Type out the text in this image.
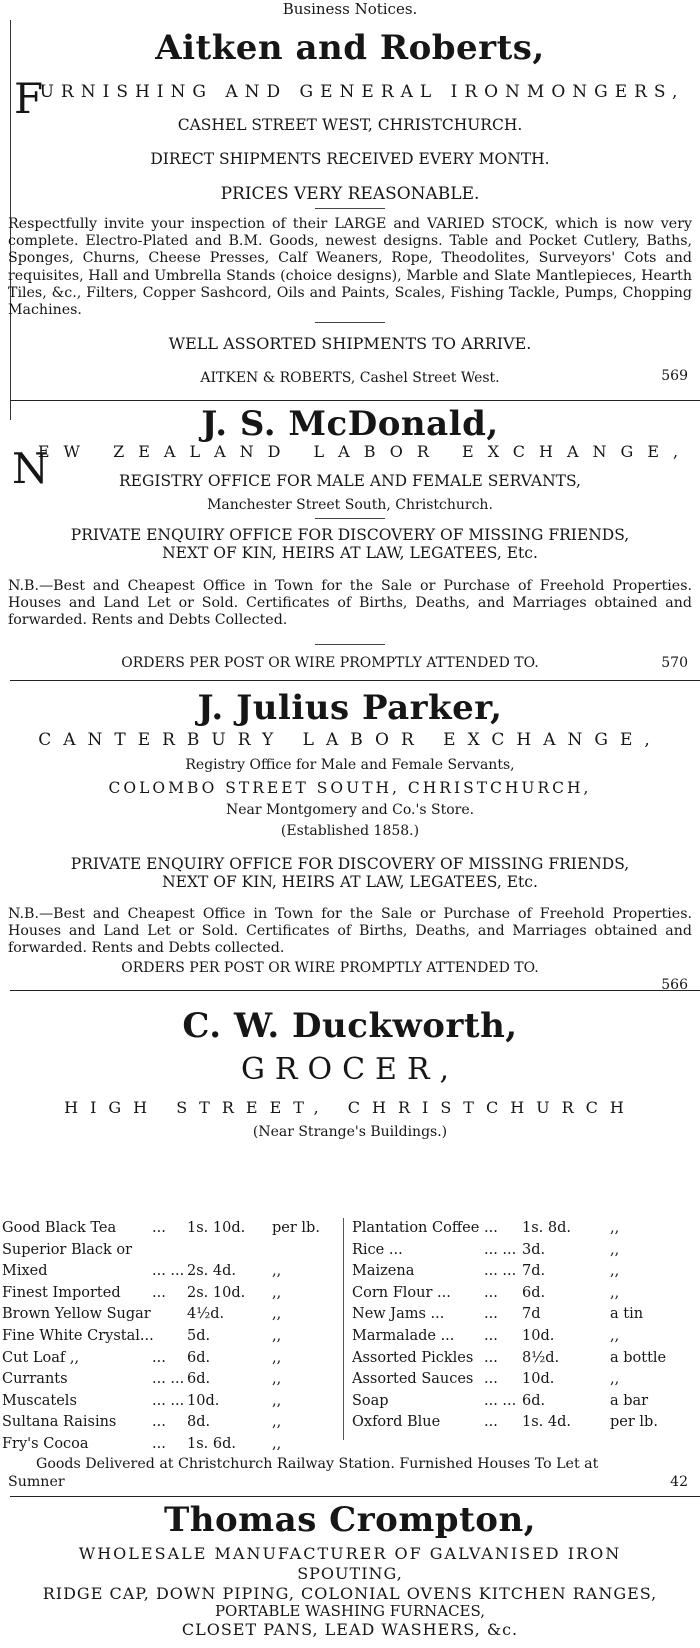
Business Notices.
Aitken and Roberts,
F
URNISHING AND GENERAL IRONMONGERS,
CASHEL STREET WEST, CHRISTCHURCH.
DIRECT SHIPMENTS RECEIVED EVERY MONTH.
PRICES VERY REASONABLE.
Respectfully invite your inspection of their LARGE and VARIED STOCK, which is now very complete. Electro-Plated and B.M. Goods, newest designs. Table and Pocket Cutlery, Baths, Sponges, Churns, Cheese Presses, Calf Weaners, Rope, Theodolites, Surveyors' Cots and requisites, Hall and Umbrella Stands (choice designs), Marble and Slate Mantlepieces, Hearth Tiles, &c., Filters, Copper Sashcord, Oils and Paints, Scales, Fishing Tackle, Pumps, Chopping Machines.
WELL ASSORTED SHIPMENTS TO ARRIVE.
AITKEN & ROBERTS, Cashel Street West.	569
J. S. McDonald,
N
EW ZEALAND LABOR EXCHANGE,
REGISTRY OFFICE FOR MALE AND FEMALE SERVANTS,
Manchester Street South, Christchurch.
PRIVATE ENQUIRY OFFICE FOR DISCOVERY OF MISSING FRIENDS,
NEXT OF KIN, HEIRS AT LAW, LEGATEES, Etc.
N.B.—Best and Cheapest Office in Town for the Sale or Purchase of Freehold Properties. Houses and Land Let or Sold. Certificates of Births, Deaths, and Marriages obtained and forwarded. Rents and Debts Collected.
ORDERS PER POST OR WIRE PROMPTLY ATTENDED TO.	570
J. Julius Parker,
CANTERBURY LABOR EXCHANGE,
Registry Office for Male and Female Servants,
COLOMBO STREET SOUTH, CHRISTCHURCH,
Near Montgomery and Co.'s Store.
(Established 1858.)
PRIVATE ENQUIRY OFFICE FOR DISCOVERY OF MISSING FRIENDS,
NEXT OF KIN, HEIRS AT LAW, LEGATEES, Etc.
N.B.—Best and Cheapest Office in Town for the Sale or Purchase of Freehold Properties. Houses and Land Let or Sold. Certificates of Births, Deaths, and Marriages obtained and forwarded. Rents and Debts collected.
ORDERS PER POST OR WIRE PROMPTLY ATTENDED TO.
566
C. W. Duckworth,
GROCER,
HIGH STREET, CHRISTCHURCH
(Near Strange's Buildings.)
Good Black Tea ... 1s. 10d. per lb.
Superior Black or
Mixed	... ... 2s. 4d. ,,
Finest Imported ... 2s. 10d. ,,
Brown Yellow Sugar	4½d.	,,
Fine White Crystal... 5d.	,,
Cut Loaf ,,	... 6d.	,,
Currants	... ... 6d.	,,
Muscatels	... ... 10d.	,,
Sultana Raisins ... 8d.	,,
Fry's Cocoa	... 1s. 6d. ,,
Plantation Coffee ... 1s. 8d.	,,
Rice ...	... ... 3d.	,,
Maizena	... ... 7d.	,,
Corn Flour ... ... 6d.	,,
New Jams ...	... 7d	a tin
Marmalade ... ... 10d.	,,
Assorted Pickles ... 8½d.	a bottle
Assorted Sauces ... 10d.	,,
Soap	... ... 6d.	a bar
Oxford Blue	... 1s. 4d.	per lb.
Goods Delivered at Christchurch Railway Station. Furnished Houses To Let at
Sumner	42
Thomas Crompton,
WHOLESALE MANUFACTURER OF GALVANISED IRON
SPOUTING,
RIDGE CAP, DOWN PIPING, COLONIAL OVENS KITCHEN RANGES,
PORTABLE WASHING FURNACES,
CLOSET PANS, LEAD WASHERS, &c.
